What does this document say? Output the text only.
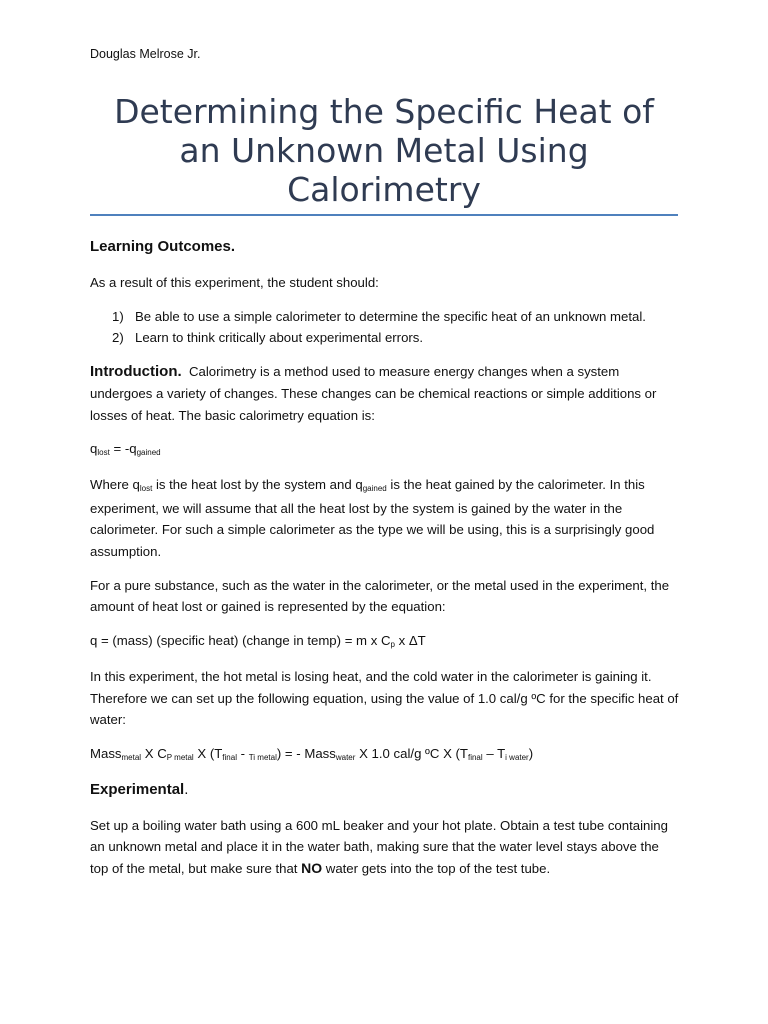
Douglas Melrose Jr.
Determining the Specific Heat of an Unknown Metal Using Calorimetry
Learning Outcomes.

As a result of this experiment, the student should:

1) Be able to use a simple calorimeter to determine the specific heat of an unknown metal.
2) Learn to think critically about experimental errors.

Introduction. Calorimetry is a method used to measure energy changes when a system undergoes a variety of changes. These changes can be chemical reactions or simple additions or losses of heat. The basic calorimetry equation is:

$q_{lost} = -q_{gained}$

Where $q_{lost}$ is the heat lost by the system and $q_{gained}$ is the heat gained by the calorimeter. In this experiment, we will assume that all the heat lost by the system is gained by the water in the calorimeter. For such a simple calorimeter as the type we will be using, this is a surprisingly good assumption.

For a pure substance, such as the water in the calorimeter, or the metal used in the experiment, the amount of heat lost or gained is represented by the equation:

q = (mass) (specific heat) (change in temp) = m x $C_p$ x ΔT

In this experiment, the hot metal is losing heat, and the cold water in the calorimeter is gaining it. Therefore we can set up the following equation, using the value of 1.0 cal/g ºC for the specific heat of water:

Mass$_{metal}$ X $C_{P metal}$ X $(T_{final} - _{Ti metal})$ = - Mass$_{water}$ X 1.0 cal/g ºC X ($T_{final} - T_i$ $_{water}$)

Experimental.

Set up a boiling water bath using a 600 mL beaker and your hot plate. Obtain a test tube containing an unknown metal and place it in the water bath, making sure that the water level stays above the top of the metal, but make sure that NO water gets into the top of the test tube.
